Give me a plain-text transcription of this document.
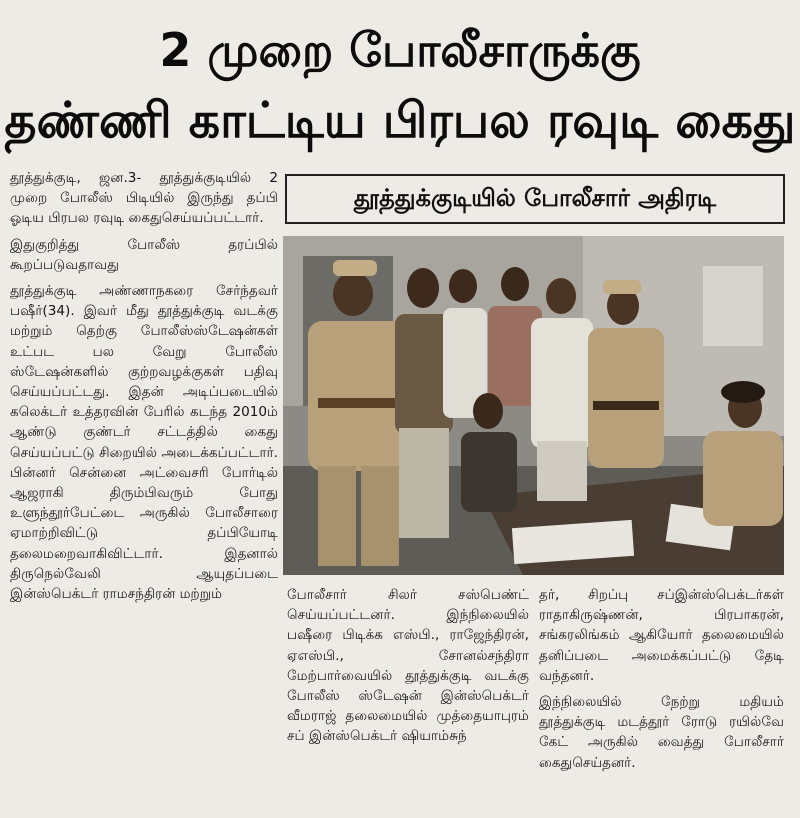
2 முறை போலீசாருக்கு
தண்ணி காட்டிய பிரபல ரவுடி கைது

தூத்துக்குடி, ஜன.3- தூத்துக்குடியில் 2 முறை போலீஸ் பிடியில் இருந்து தப்பி ஓடிய பிரபல ரவுடி கைதுசெய்யப்பட்டார்.

இதுகுறித்து போலீஸ் தரப்பில் கூறப்படுவதாவது

தூத்துக்குடி அண்ணாநகரை சேர்ந்தவர் பஷீர்(34). இவர் மீது தூத்துக்குடி வடக்கு மற்றும் தெற்கு போலீஸ்ஸ்டேஷன்கள் உட்பட பல வேறு போலீஸ் ஸ்டேஷன்களில் குற்றவழக்குகள் பதிவு செய்யப்பட்டது. இதன் அடிப்படையில் கலெக்டர் உத்தரவின் பேரில் கடந்த 2010ம் ஆண்டு குண்டர் சட்டத்தில் கைது செய்யப்பட்டு சிறையில் அடைக்கப்பட்டார். பின்னர் சென்னை அட்வைசரி போர்டில் ஆஜராகி திரும்பிவரும் போது உளுந்தூர்பேட்டை அருகில் போலீசாரை ஏமாற்றிவிட்டு தப்பியோடி தலைமறைவாகிவிட்டார். இதனால் திருநெல்வேலி ஆயுதப்படை இன்ஸ்பெக்டர் ராமசந்திரன் மற்றும்

தூத்துக்குடியில் போலீசார் அதிரடி

போலீசார் சிலர் சஸ்பெண்ட் செய்யப்பட்டனர். இந்நிலையில் பஷீரை பிடிக்க எஸ்பி., ராஜேந்திரன், ஏஎஸ்பி., சோனல்சந்திரா மேற்பார்வையில் தூத்துக்குடி வடக்கு போலீஸ் ஸ்டேஷன் இன்ஸ்பெக்டர் வீமராஜ் தலைமையில் முத்தையாபுரம் சப் இன்ஸ்பெக்டர் ஷியாம்சுந்

தர், சிறப்பு சப்இன்ஸ்பெக்டர்கள் ராதாகிருஷ்ணன், பிரபாகரன், சங்கரலிங்கம் ஆகியோர் தலைமையில் தனிப்படை அமைக்கப்பட்டு தேடி வந்தனர்.

இந்நிலையில் நேற்று மதியம் தூத்துக்குடி மடத்தூர் ரோடு ரயில்வே கேட் அருகில் வைத்து போலீசார் கைதுசெய்தனர்.
